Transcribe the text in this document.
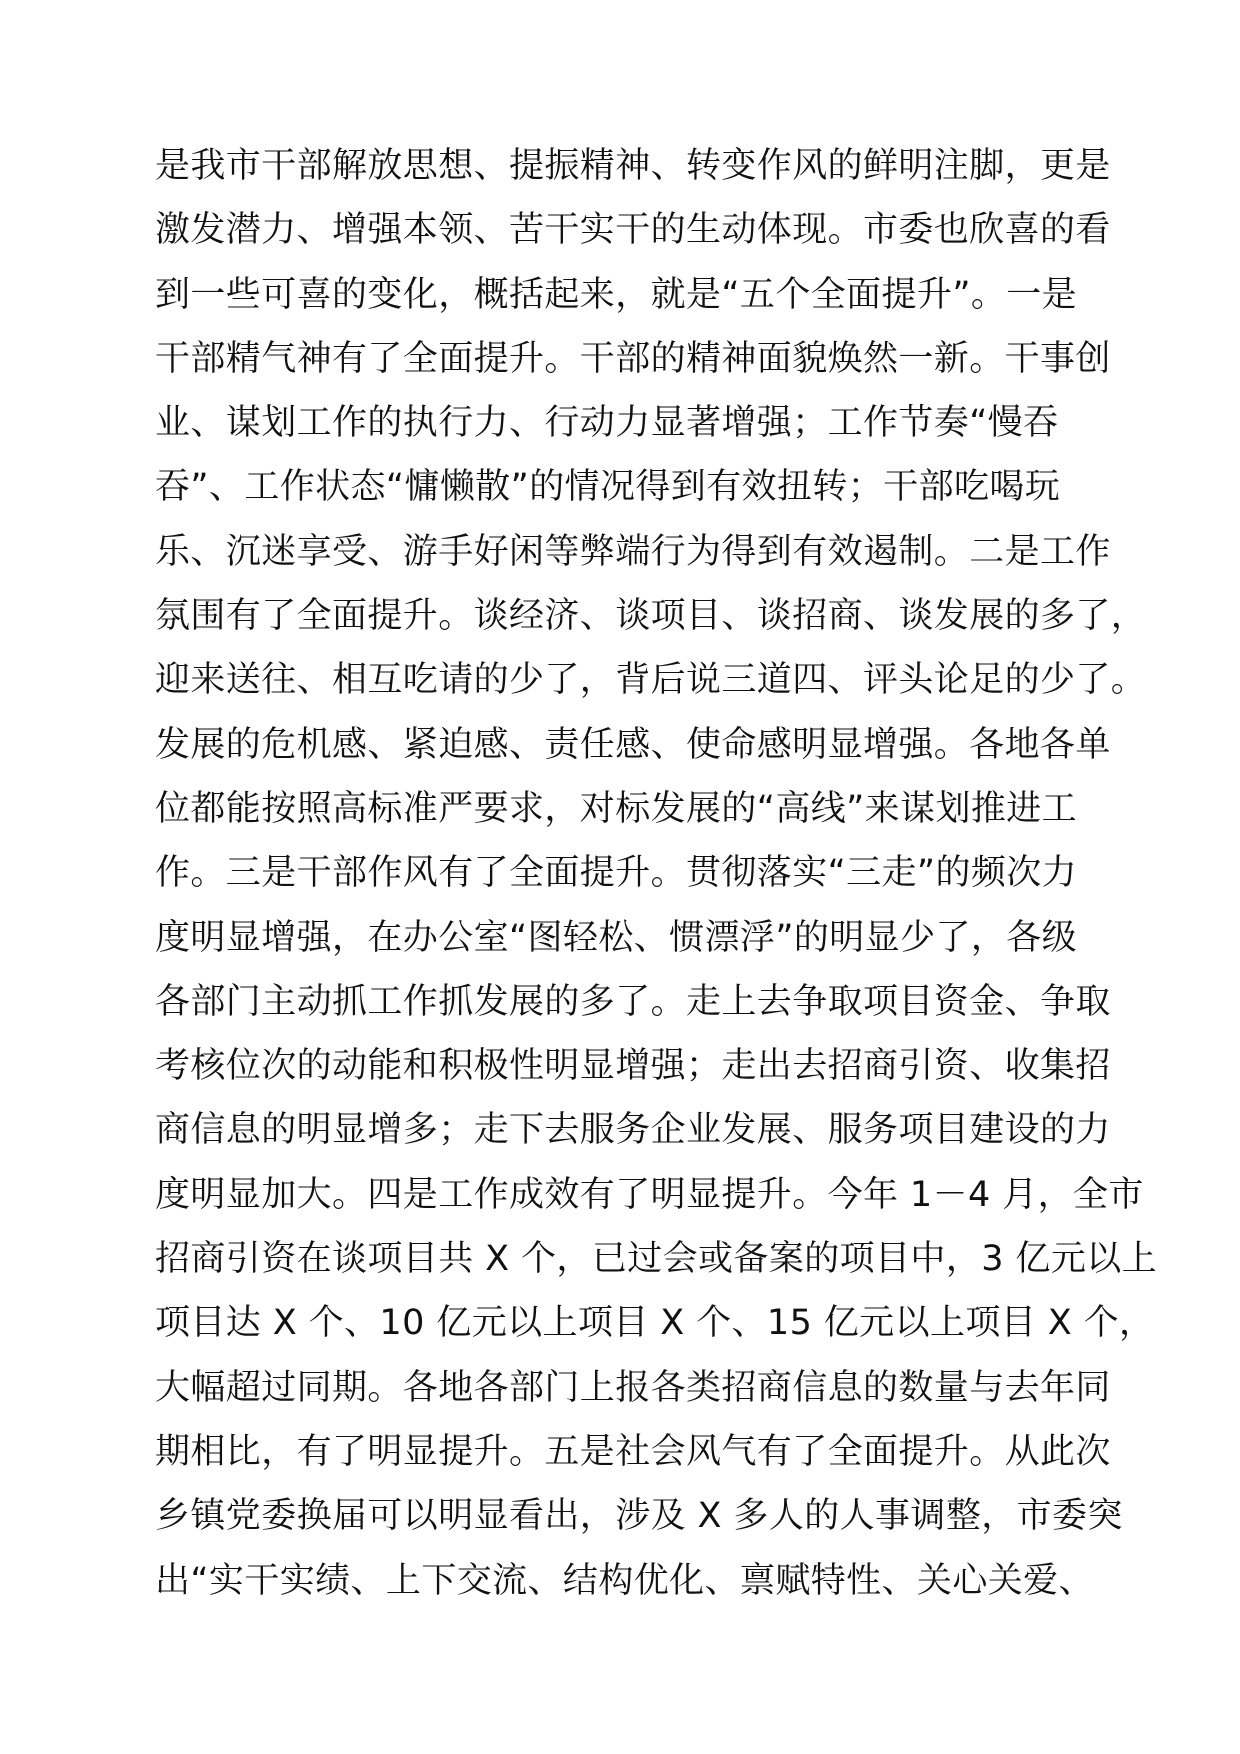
是我市干部解放思想、提振精神、转变作风的鲜明注脚，更是
激发潜力、增强本领、苦干实干的生动体现。市委也欣喜的看
到一些可喜的变化，概括起来，就是“五个全面提升”。一是
干部精气神有了全面提升。干部的精神面貌焕然一新。干事创
业、谋划工作的执行力、行动力显著增强；工作节奏“慢吞
吞”、工作状态“慵懒散”的情况得到有效扭转；干部吃喝玩
乐、沉迷享受、游手好闲等弊端行为得到有效遏制。二是工作
氛围有了全面提升。谈经济、谈项目、谈招商、谈发展的多了，
迎来送往、相互吃请的少了，背后说三道四、评头论足的少了。
发展的危机感、紧迫感、责任感、使命感明显增强。各地各单
位都能按照高标准严要求，对标发展的“高线”来谋划推进工
作。三是干部作风有了全面提升。贯彻落实“三走”的频次力
度明显增强，在办公室“图轻松、惯漂浮”的明显少了，各级
各部门主动抓工作抓发展的多了。走上去争取项目资金、争取
考核位次的动能和积极性明显增强；走出去招商引资、收集招
商信息的明显增多；走下去服务企业发展、服务项目建设的力
度明显加大。四是工作成效有了明显提升。今年 1－4 月，全市
招商引资在谈项目共 X 个，已过会或备案的项目中，3 亿元以上
项目达 X 个、10 亿元以上项目 X 个、15 亿元以上项目 X 个，
大幅超过同期。各地各部门上报各类招商信息的数量与去年同
期相比，有了明显提升。五是社会风气有了全面提升。从此次
乡镇党委换届可以明显看出，涉及 X 多人的人事调整，市委突
出“实干实绩、上下交流、结构优化、禀赋特性、关心关爱、
